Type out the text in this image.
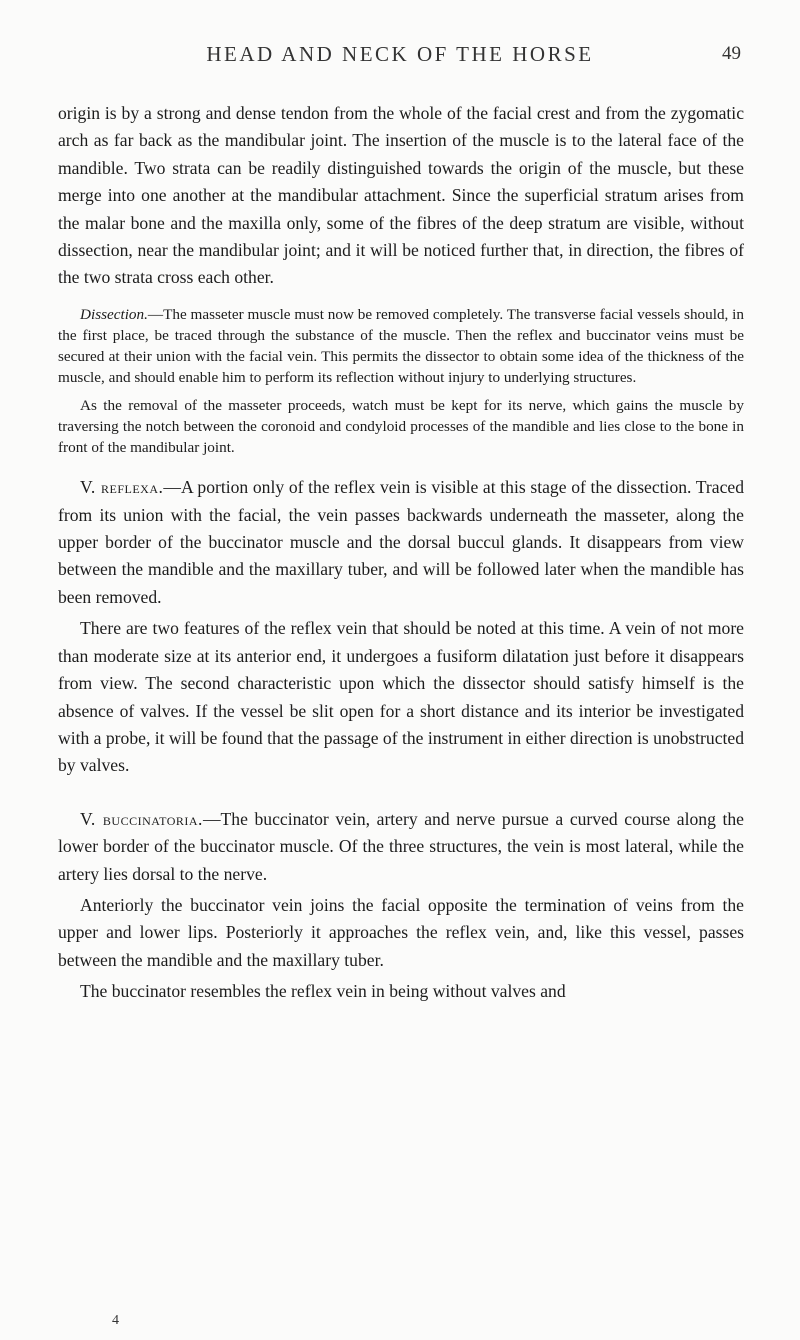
HEAD AND NECK OF THE HORSE	49

origin is by a strong and dense tendon from the whole of the facial crest and from the zygomatic arch as far back as the mandibular joint. The insertion of the muscle is to the lateral face of the mandible. Two strata can be readily distinguished towards the origin of the muscle, but these merge into one another at the mandibular attachment. Since the superficial stratum arises from the malar bone and the maxilla only, some of the fibres of the deep stratum are visible, without dissection, near the mandibular joint; and it will be noticed further that, in direction, the fibres of the two strata cross each other.

Dissection.—The masseter muscle must now be removed completely. The transverse facial vessels should, in the first place, be traced through the substance of the muscle. Then the reflex and buccinator veins must be secured at their union with the facial vein. This permits the dissector to obtain some idea of the thickness of the muscle, and should enable him to perform its reflection without injury to underlying structures.

As the removal of the masseter proceeds, watch must be kept for its nerve, which gains the muscle by traversing the notch between the coronoid and condyloid processes of the mandible and lies close to the bone in front of the mandibular joint.

V. reflexa.—A portion only of the reflex vein is visible at this stage of the dissection. Traced from its union with the facial, the vein passes backwards underneath the masseter, along the upper border of the buccinator muscle and the dorsal buccul glands. It disappears from view between the mandible and the maxillary tuber, and will be followed later when the mandible has been removed.

There are two features of the reflex vein that should be noted at this time. A vein of not more than moderate size at its anterior end, it undergoes a fusiform dilatation just before it disappears from view. The second characteristic upon which the dissector should satisfy himself is the absence of valves. If the vessel be slit open for a short distance and its interior be investigated with a probe, it will be found that the passage of the instrument in either direction is unobstructed by valves.

V. buccinatoria.—The buccinator vein, artery and nerve pursue a curved course along the lower border of the buccinator muscle. Of the three structures, the vein is most lateral, while the artery lies dorsal to the nerve.

Anteriorly the buccinator vein joins the facial opposite the termination of veins from the upper and lower lips. Posteriorly it approaches the reflex vein, and, like this vessel, passes between the mandible and the maxillary tuber.

The buccinator resembles the reflex vein in being without valves and

4
